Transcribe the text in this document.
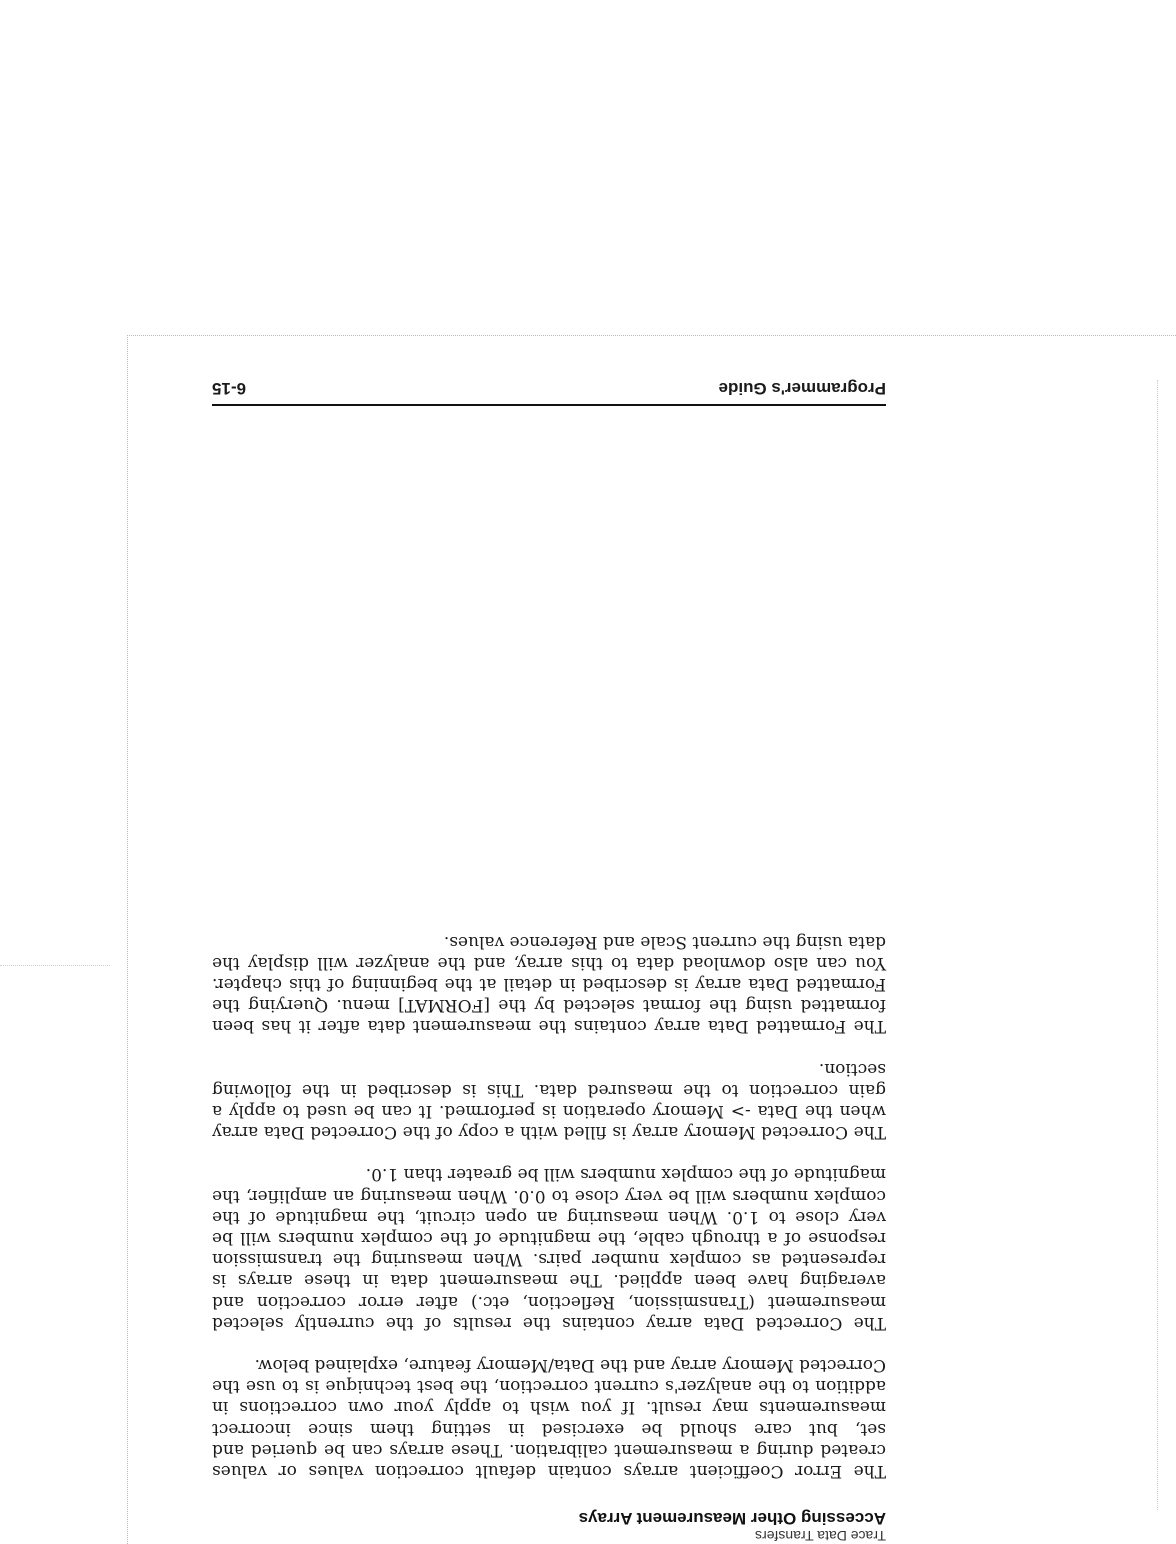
Trace Data Transfers
Accessing Other Measurement Arrays

The Error Coefficient arrays contain default correction values or values created during a measurement calibration. These arrays can be queried and set, but care should be exercised in setting them since incorrect measurements may result. If you wish to apply your own corrections in addition to the analyzer's current correction, the best technique is to use the Corrected Memory array and the Data/Memory feature, explained below.

The Corrected Data array contains the results of the currently selected measurement (Transmission, Reflection, etc.) after error correction and averaging have been applied. The measurement data in these arrays is represented as complex number pairs. When measuring the transmission response of a through cable, the magnitude of the complex numbers will be very close to 1.0. When measuring an open circuit, the magnitude of the complex numbers will be very close to 0.0. When measuring an amplifier, the magnitude of the complex numbers will be greater than 1.0.

The Corrected Memory array is filled with a copy of the Corrected Data array when the Data -> Memory operation is performed. It can be used to apply a gain correction to the measured data. This is described in the following section.

The Formatted Data array contains the measurement data after it has been formatted using the format selected by the [FORMAT] menu. Querying the Formatted Data array is described in detail at the beginning of this chapter. You can also download data to this array, and the analyzer will display the data using the current Scale and Reference values.

Programmer's Guide
6-15
